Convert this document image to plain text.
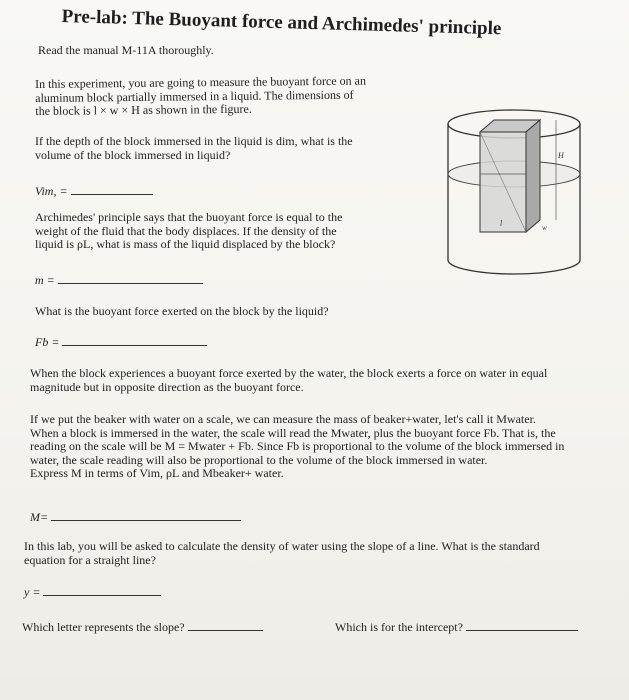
Pre-lab: The Buoyant force and Archimedes' principle
Read the manual M-11A thoroughly.
In this experiment, you are going to measure the buoyant force on an
aluminum block partially immersed in a liquid. The dimensions of
the block is l × w × H as shown in the figure.
If the depth of the block immersed in the liquid is dim, what is the
volume of the block immersed in liquid?
Vim, =
Archimedes' principle says that the buoyant force is equal to the
weight of the fluid that the body displaces. If the density of the
liquid is ρL, what is mass of the liquid displaced by the block?
m =
What is the buoyant force exerted on the block by the liquid?
Fb =
When the block experiences a buoyant force exerted by the water, the block exerts a force on water in equal
magnitude but in opposite direction as the buoyant force.
If we put the beaker with water on a scale, we can measure the mass of beaker+water, let's call it Mwater.
When a block is immersed in the water, the scale will read the Mwater, plus the buoyant force Fb. That is, the
reading on the scale will be M = Mwater + Fb. Since Fb is proportional to the volume of the block immersed in
water, the scale reading will also be proportional to the volume of the block immersed in water.
Express M in terms of Vim, ρL and Mbeaker+ water.
M=
In this lab, you will be asked to calculate the density of water using the slope of a line. What is the standard
equation for a straight line?
y =
Which letter represents the slope?	Which is for the intercept?
H
l	w
